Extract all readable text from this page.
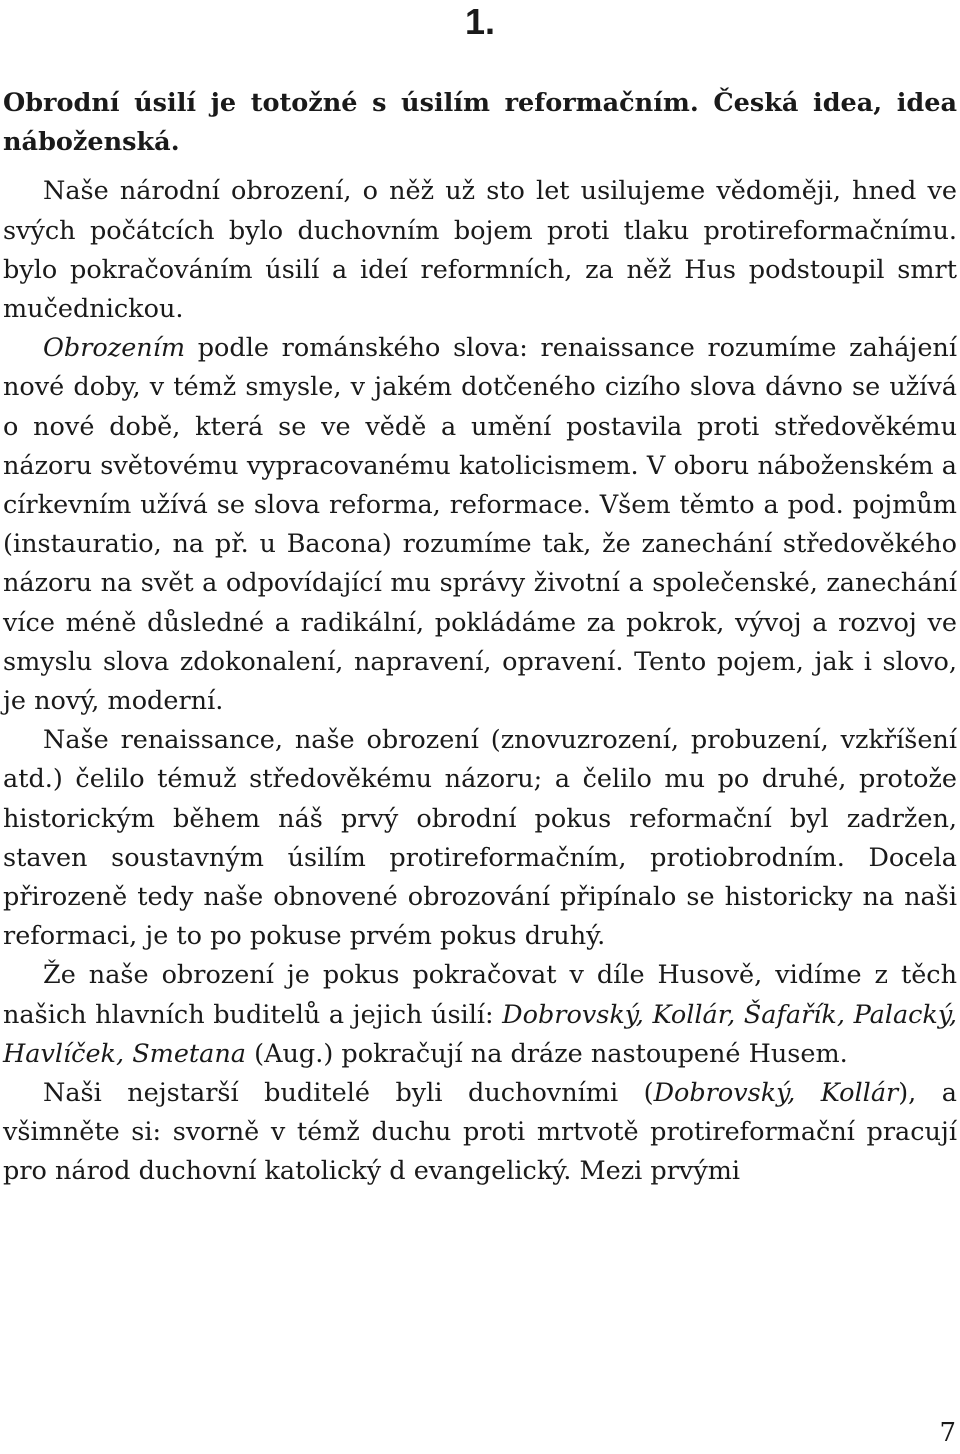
1.

Obrodní úsilí je totožné s úsilím reformačním. Česká idea, idea náboženská.

Naše národní obrození, o něž už sto let usilujeme vědoměji, hned ve svých počátcích bylo duchovním bojem proti tlaku protireformačnímu. bylo pokračováním úsilí a ideí reformních, za něž Hus podstoupil smrt mučednickou.

Obrozením podle románského slova: renaissance rozumíme zahájení nové doby, v témž smysle, v jakém dotčeného cizího slova dávno se užívá o nové době, která se ve vědě a umění postavila proti středověkému názoru světovému vypracovanému katolicismem. V oboru náboženském a církevním užívá se slova reforma, reformace. Všem těmto a pod. pojmům (instauratio, na př. u Bacona) rozumíme tak, že zanechání středověkého názoru na svět a odpovídající mu správy životní a společenské, zanechání více méně důsledné a radikální, pokládáme za pokrok, vývoj a rozvoj ve smyslu slova zdokonalení, napravení, opravení. Tento pojem, jak i slovo, je nový, moderní.

Naše renaissance, naše obrození (znovuzrození, probuzení, vzkříšení atd.) čelilo témuž středověkému názoru; a čelilo mu po druhé, protože historickým během náš prvý obrodní pokus reformační byl zadržen, staven soustavným úsilím protireformačním, protiobrodním. Docela přirozeně tedy naše obnovené obrozování připínalo se historicky na naši reformaci, je to po pokuse prvém pokus druhý.

Že naše obrození je pokus pokračovat v díle Husově, vidíme z těch našich hlavních buditelů a jejich úsilí: Dobrovský, Kollár, Šafařík, Palacký, Havlíček, Smetana (Aug.) pokračují na dráze nastoupené Husem.

Naši nejstarší buditelé byli duchovními (Dobrovský, Kollár), a všimněte si: svorně v témž duchu proti mrtvotě protireformační pracují pro národ duchovní katolický d evangelický. Mezi prvými

7
